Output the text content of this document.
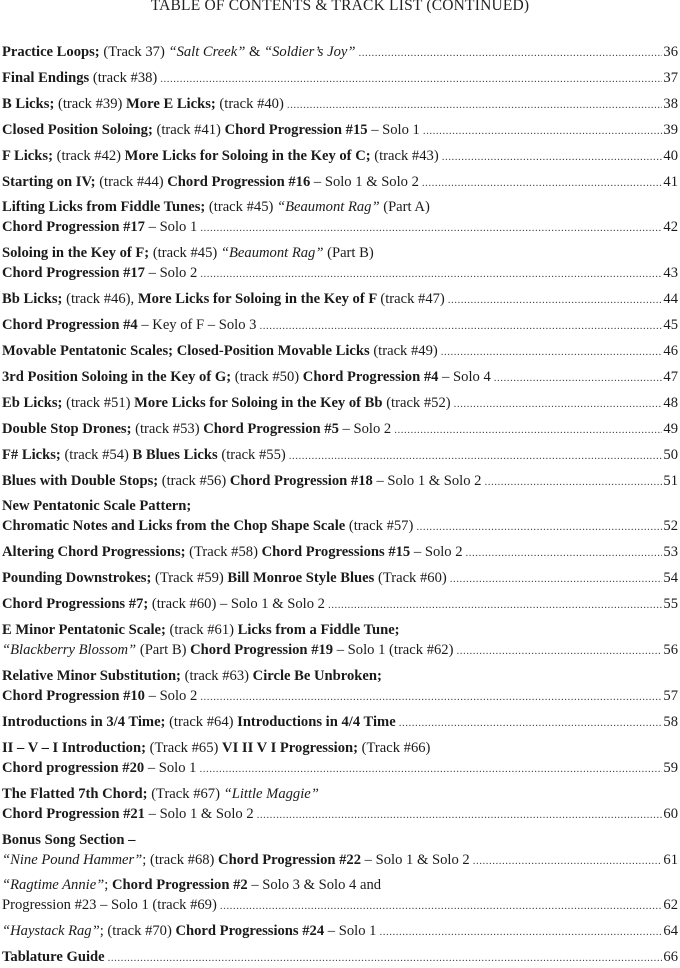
TABLE OF CONTENTS & TRACK LIST (CONTINUED)
Practice Loops; (Track 37) “Salt Creek” & “Soldier’s Joy” .....	36
Final Endings (track #38) .....	37
B Licks; (track #39) More E Licks; (track #40) .....	38
Closed Position Soloing; (track #41) Chord Progression #15 – Solo 1 .....	39
F Licks; (track #42) More Licks for Soloing in the Key of C; (track #43) .....	40
Starting on IV; (track #44) Chord Progression #16 – Solo 1 & Solo 2 .....	41
Lifting Licks from Fiddle Tunes; (track #45) “Beaumont Rag” (Part A)
Chord Progression #17 – Solo 1 .....	42
Soloing in the Key of F; (track #45) “Beaumont Rag” (Part B)
Chord Progression #17 – Solo 2 .....	43
Bb Licks; (track #46), More Licks for Soloing in the Key of F (track #47) .....	44
Chord Progression #4 – Key of F – Solo 3 .....	45
Movable Pentatonic Scales; Closed-Position Movable Licks (track #49) .....	46
3rd Position Soloing in the Key of G; (track #50) Chord Progression #4 – Solo 4 .....	47
Eb Licks; (track #51) More Licks for Soloing in the Key of Bb (track #52) .....	48
Double Stop Drones; (track #53) Chord Progression #5 – Solo 2 .....	49
F# Licks; (track #54) B Blues Licks (track #55) .....	50
Blues with Double Stops; (track #56) Chord Progression #18 – Solo 1 & Solo 2 .....	51
New Pentatonic Scale Pattern;
Chromatic Notes and Licks from the Chop Shape Scale (track #57) .....	52
Altering Chord Progressions; (Track #58) Chord Progressions #15 – Solo 2 .....	53
Pounding Downstrokes; (Track #59) Bill Monroe Style Blues (Track #60) .....	54
Chord Progressions #7; (track #60) – Solo 1 & Solo 2 .....	55
E Minor Pentatonic Scale; (track #61) Licks from a Fiddle Tune;
“Blackberry Blossom” (Part B) Chord Progression #19 – Solo 1 (track #62) .....	56
Relative Minor Substitution; (track #63) Circle Be Unbroken;
Chord Progression #10 – Solo 2 .....	57
Introductions in 3/4 Time; (track #64) Introductions in 4/4 Time .....	58
II – V – I Introduction; (Track #65) VI II V I Progression; (Track #66)
Chord progression #20 – Solo 1 .....	59
The Flatted 7th Chord; (Track #67) “Little Maggie”
Chord Progression #21 – Solo 1 & Solo 2 .....	60
Bonus Song Section –
“Nine Pound Hammer”; (track #68) Chord Progression #22 – Solo 1 & Solo 2 .....	61
“Ragtime Annie”; Chord Progression #2 – Solo 3 & Solo 4 and
Progression #23 – Solo 1 (track #69) .....	62
“Haystack Rag”; (track #70) Chord Progressions #24 – Solo 1 .....	64
Tablature Guide .....	66
